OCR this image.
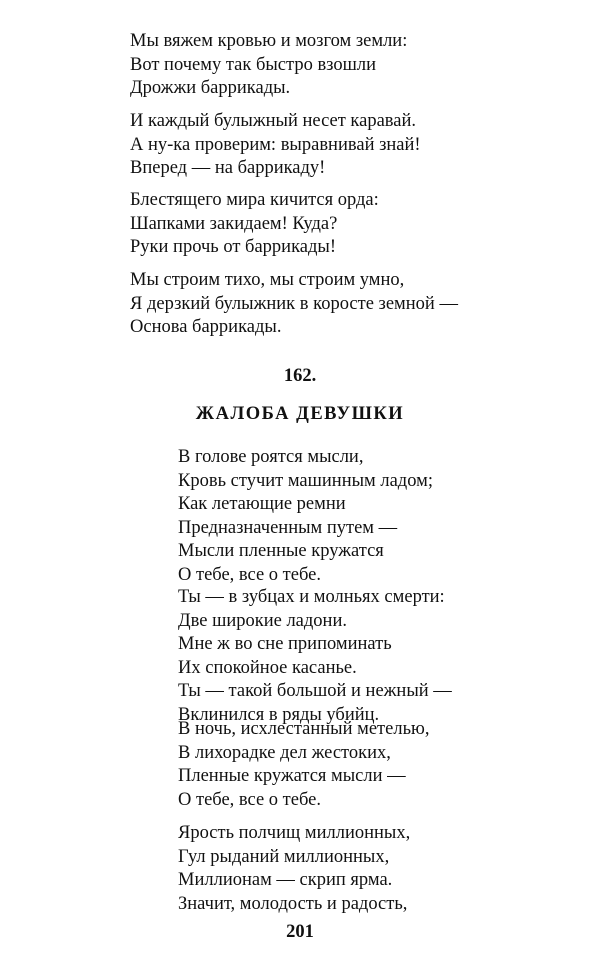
Мы вяжем кровью и мозгом земли:
Вот почему так быстро взошли
Дрожжи баррикады.
И каждый булыжный несет каравай.
А ну-ка проверим: выравнивай знай!
Вперед — на баррикаду!
Блестящего мира кичится орда:
Шапками закидаем! Куда?
Руки прочь от баррикады!
Мы строим тихо, мы строим умно,
Я дерзкий булыжник в коросте земной —
Основа баррикады.
162.
ЖАЛОБА ДЕВУШКИ
В голове роятся мысли,
Кровь стучит машинным ладом;
Как летающие ремни
Предназначенным путем —
Мысли пленные кружатся
О тебе, все о тебе.
Ты — в зубцах и молньях смерти:
Две широкие ладони.
Мне ж во сне припоминать
Их спокойное касанье.
Ты — такой большой и нежный —
Вклинился в ряды убийц.
В ночь, исхлестанный метелью,
В лихорадке дел жестоких,
Пленные кружатся мысли —
О тебе, все о тебе.
Ярость полчищ миллионных,
Гул рыданий миллионных,
Миллионам — скрип ярма.
Значит, молодость и радость,
201
